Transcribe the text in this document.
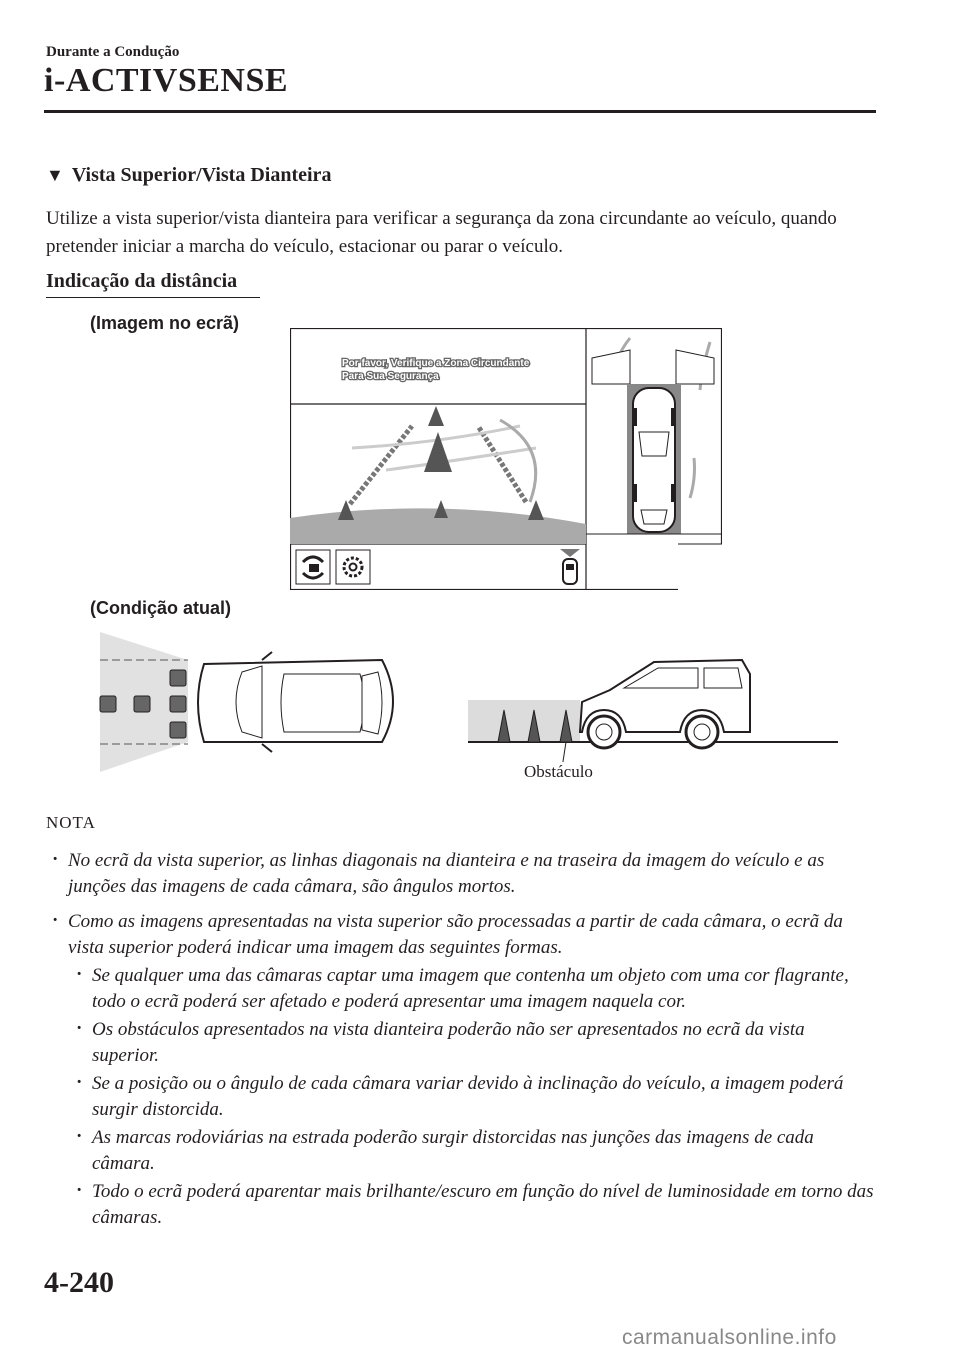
Durante a Condução
i-ACTIVSENSE
▼ Vista Superior/Vista Dianteira
Utilize a vista superior/vista dianteira para verificar a segurança da zona circundante ao veículo, quando pretender iniciar a marcha do veículo, estacionar ou parar o veículo.
Indicação da distância
(Imagem no ecrã)
Por favor, Verifique a Zona Circundante
Para Sua Segurança
(Condição atual)
Obstáculo
NOTA
· No ecrã da vista superior, as linhas diagonais na dianteira e na traseira da imagem do veículo e as junções das imagens de cada câmara, são ângulos mortos.
· Como as imagens apresentadas na vista superior são processadas a partir de cada câmara, o ecrã da vista superior poderá indicar uma imagem das seguintes formas.
· Se qualquer uma das câmaras captar uma imagem que contenha um objeto com uma cor flagrante, todo o ecrã poderá ser afetado e poderá apresentar uma imagem naquela cor.
· Os obstáculos apresentados na vista dianteira poderão não ser apresentados no ecrã da vista superior.
· Se a posição ou o ângulo de cada câmara variar devido à inclinação do veículo, a imagem poderá surgir distorcida.
· As marcas rodoviárias na estrada poderão surgir distorcidas nas junções das imagens de cada câmara.
· Todo o ecrã poderá aparentar mais brilhante/escuro em função do nível de luminosidade em torno das câmaras.
4-240
carmanualsonline.info
